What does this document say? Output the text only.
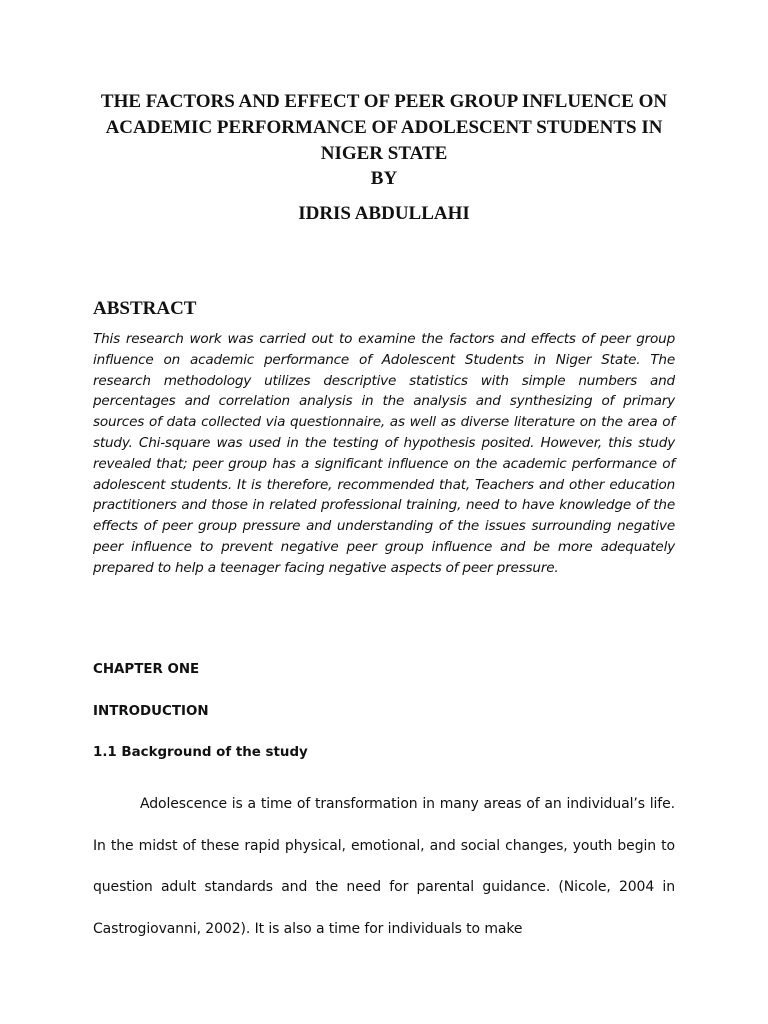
THE FACTORS AND EFFECT OF PEER GROUP INFLUENCE ON ACADEMIC PERFORMANCE OF ADOLESCENT STUDENTS IN NIGER STATE

BY

IDRIS ABDULLAHI

ABSTRACT

This research work was carried out to examine the factors and effects of peer group influence on academic performance of Adolescent Students in Niger State. The research methodology utilizes descriptive statistics with simple numbers and percentages and correlation analysis in the analysis and synthesizing of primary sources of data collected via questionnaire, as well as diverse literature on the area of study. Chi-square was used in the testing of hypothesis posited. However, this study revealed that; peer group has a significant influence on the academic performance of adolescent students. It is therefore, recommended that, Teachers and other education practitioners and those in related professional training, need to have knowledge of the effects of peer group pressure and understanding of the issues surrounding negative peer influence to prevent negative peer group influence and be more adequately prepared to help a teenager facing negative aspects of peer pressure.

CHAPTER ONE
INTRODUCTION
1.1 Background of the study

Adolescence is a time of transformation in many areas of an individual’s life. In the midst of these rapid physical, emotional, and social changes, youth begin to question adult standards and the need for parental guidance. (Nicole, 2004 in Castrogiovanni, 2002). It is also a time for individuals to make
